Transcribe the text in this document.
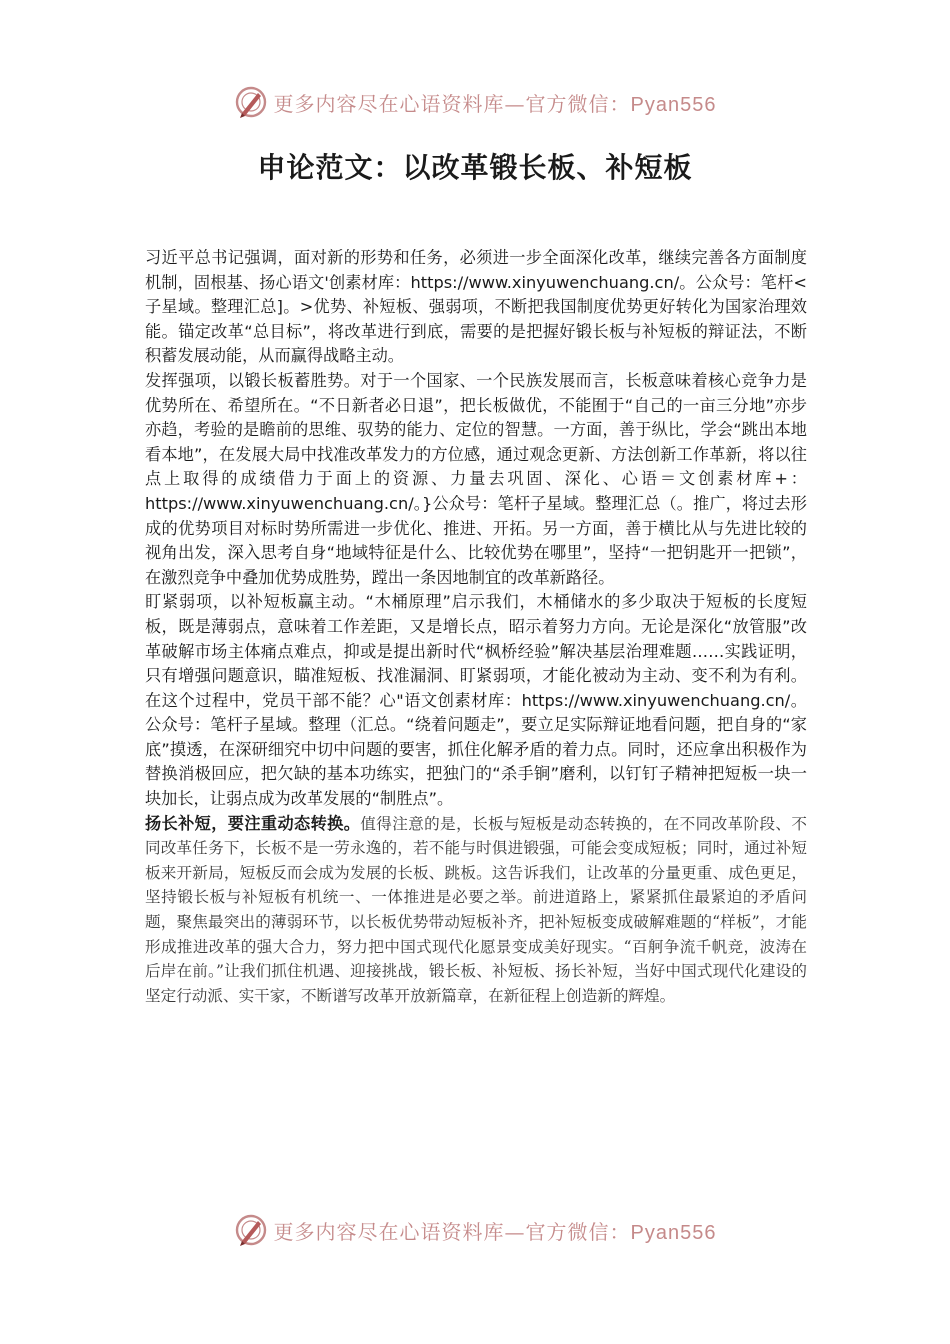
更多内容尽在心语资料库—官方微信：Pyan556
申论范文：以改革锻长板、补短板

习近平总书记强调，面对新的形势和任务，必须进一步全面深化改革，继续完善各方面制度机制，固根基、扬心语文'创素材库：https://www.xinyuwenchuang.cn/。公众号：笔杆<子星域。整理汇总]。>优势、补短板、强弱项，不断把我国制度优势更好转化为国家治理效能。锚定改革“总目标”，将改革进行到底，需要的是把握好锻长板与补短板的辩证法，不断积蓄发展动能，从而赢得战略主动。

发挥强项，以锻长板蓄胜势。对于一个国家、一个民族发展而言，长板意味着核心竞争力是优势所在、希望所在。“不日新者必日退”，把长板做优，不能囿于“自己的一亩三分地”亦步亦趋，考验的是瞻前的思维、驭势的能力、定位的智慧。一方面，善于纵比，学会“跳出本地看本地”，在发展大局中找准改革发力的方位感，通过观念更新、方法创新工作革新，将以往点上取得的成绩借力于面上的资源、力量去巩固、深化、心语＝文创素材库+：https://www.xinyuwenchuang.cn/。}公众号：笔杆子星域。整理汇总（。推广，将过去形成的优势项目对标时势所需进一步优化、推进、开拓。另一方面，善于横比从与先进比较的视角出发，深入思考自身“地域特征是什么、比较优势在哪里”，坚持“一把钥匙开一把锁”，在激烈竞争中叠加优势成胜势，蹚出一条因地制宜的改革新路径。

盯紧弱项，以补短板赢主动。“木桶原理”启示我们，木桶储水的多少取决于短板的长度短板，既是薄弱点，意味着工作差距，又是增长点，昭示着努力方向。无论是深化“放管服”改革破解市场主体痛点难点，抑或是提出新时代“枫桥经验”解决基层治理难题……实践证明，只有增强问题意识，瞄准短板、找准漏洞、盯紧弱项，才能化被动为主动、变不利为有利。在这个过程中，党员干部不能？心"语文创素材库：https://www.xinyuwenchuang.cn/。公众号：笔杆子星域。整理（汇总。“绕着问题走”，要立足实际辩证地看问题，把自身的“家底”摸透，在深研细究中切中问题的要害，抓住化解矛盾的着力点。同时，还应拿出积极作为替换消极回应，把欠缺的基本功练实，把独门的“杀手锏”磨利，以钉钉子精神把短板一块一块加长，让弱点成为改革发展的“制胜点”。

扬长补短，要注重动态转换。值得注意的是，长板与短板是动态转换的，在不同改革阶段、不同改革任务下，长板不是一劳永逸的，若不能与时俱进锻强，可能会变成短板；同时，通过补短板来开新局，短板反而会成为发展的长板、跳板。这告诉我们，让改革的分量更重、成色更足，坚持锻长板与补短板有机统一、一体推进是必要之举。前进道路上，紧紧抓住最紧迫的矛盾问题，聚焦最突出的薄弱环节，以长板优势带动短板补齐，把补短板变成破解难题的“样板”，才能形成推进改革的强大合力，努力把中国式现代化愿景变成美好现实。“百舸争流千帆竞，波涛在后岸在前。”让我们抓住机遇、迎接挑战，锻长板、补短板、扬长补短，当好中国式现代化建设的坚定行动派、实干家，不断谱写改革开放新篇章，在新征程上创造新的辉煌。

更多内容尽在心语资料库—官方微信：Pyan556
